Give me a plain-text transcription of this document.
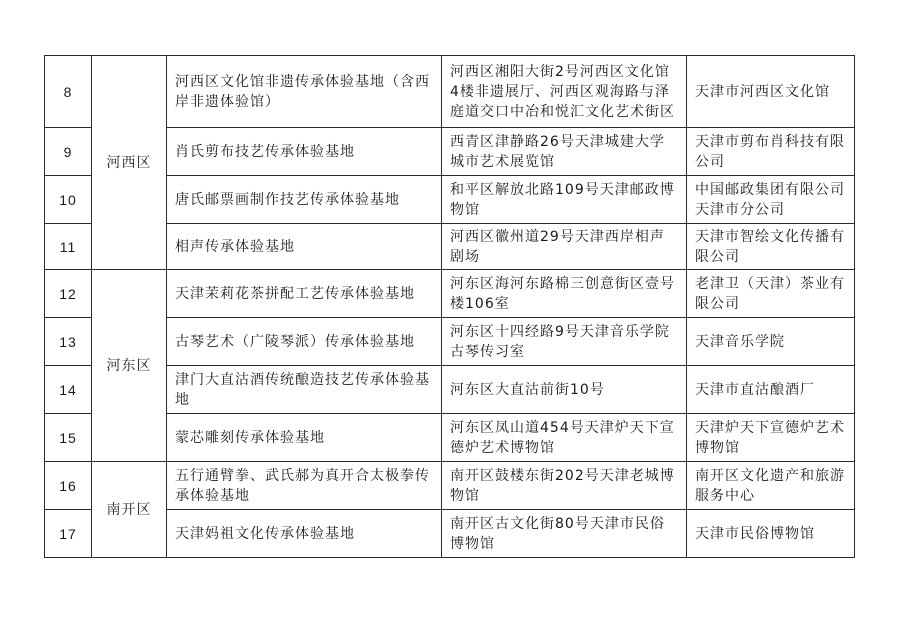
8	河西区	河西区文化馆非遗传承体验基地（含西岸非遗体验馆）	河西区湘阳大街2号河西区文化馆4楼非遗展厅、河西区观海路与泽庭道交口中冶和悦汇文化艺术街区	天津市河西区文化馆
9		肖氏剪布技艺传承体验基地	西青区津静路26号天津城建大学城市艺术展览馆	天津市剪布肖科技有限公司
10		唐氏邮票画制作技艺传承体验基地	和平区解放北路109号天津邮政博物馆	中国邮政集团有限公司天津市分公司
11		相声传承体验基地	河西区徽州道29号天津西岸相声剧场	天津市智绘文化传播有限公司
12	河东区	天津茉莉花茶拼配工艺传承体验基地	河东区海河东路棉三创意街区壹号楼106室	老津卫（天津）茶业有限公司
13		古琴艺术（广陵琴派）传承体验基地	河东区十四经路9号天津音乐学院古琴传习室	天津音乐学院
14		津门大直沽酒传统酿造技艺传承体验基地	河东区大直沽前街10号	天津市直沽酿酒厂
15		蒙芯雕刻传承体验基地	河东区凤山道454号天津炉天下宣德炉艺术博物馆	天津炉天下宣德炉艺术博物馆
16	南开区	五行通臂拳、武氏郝为真开合太极拳传承体验基地	南开区鼓楼东街202号天津老城博物馆	南开区文化遗产和旅游服务中心
17		天津妈祖文化传承体验基地	南开区古文化街80号天津市民俗博物馆	天津市民俗博物馆
